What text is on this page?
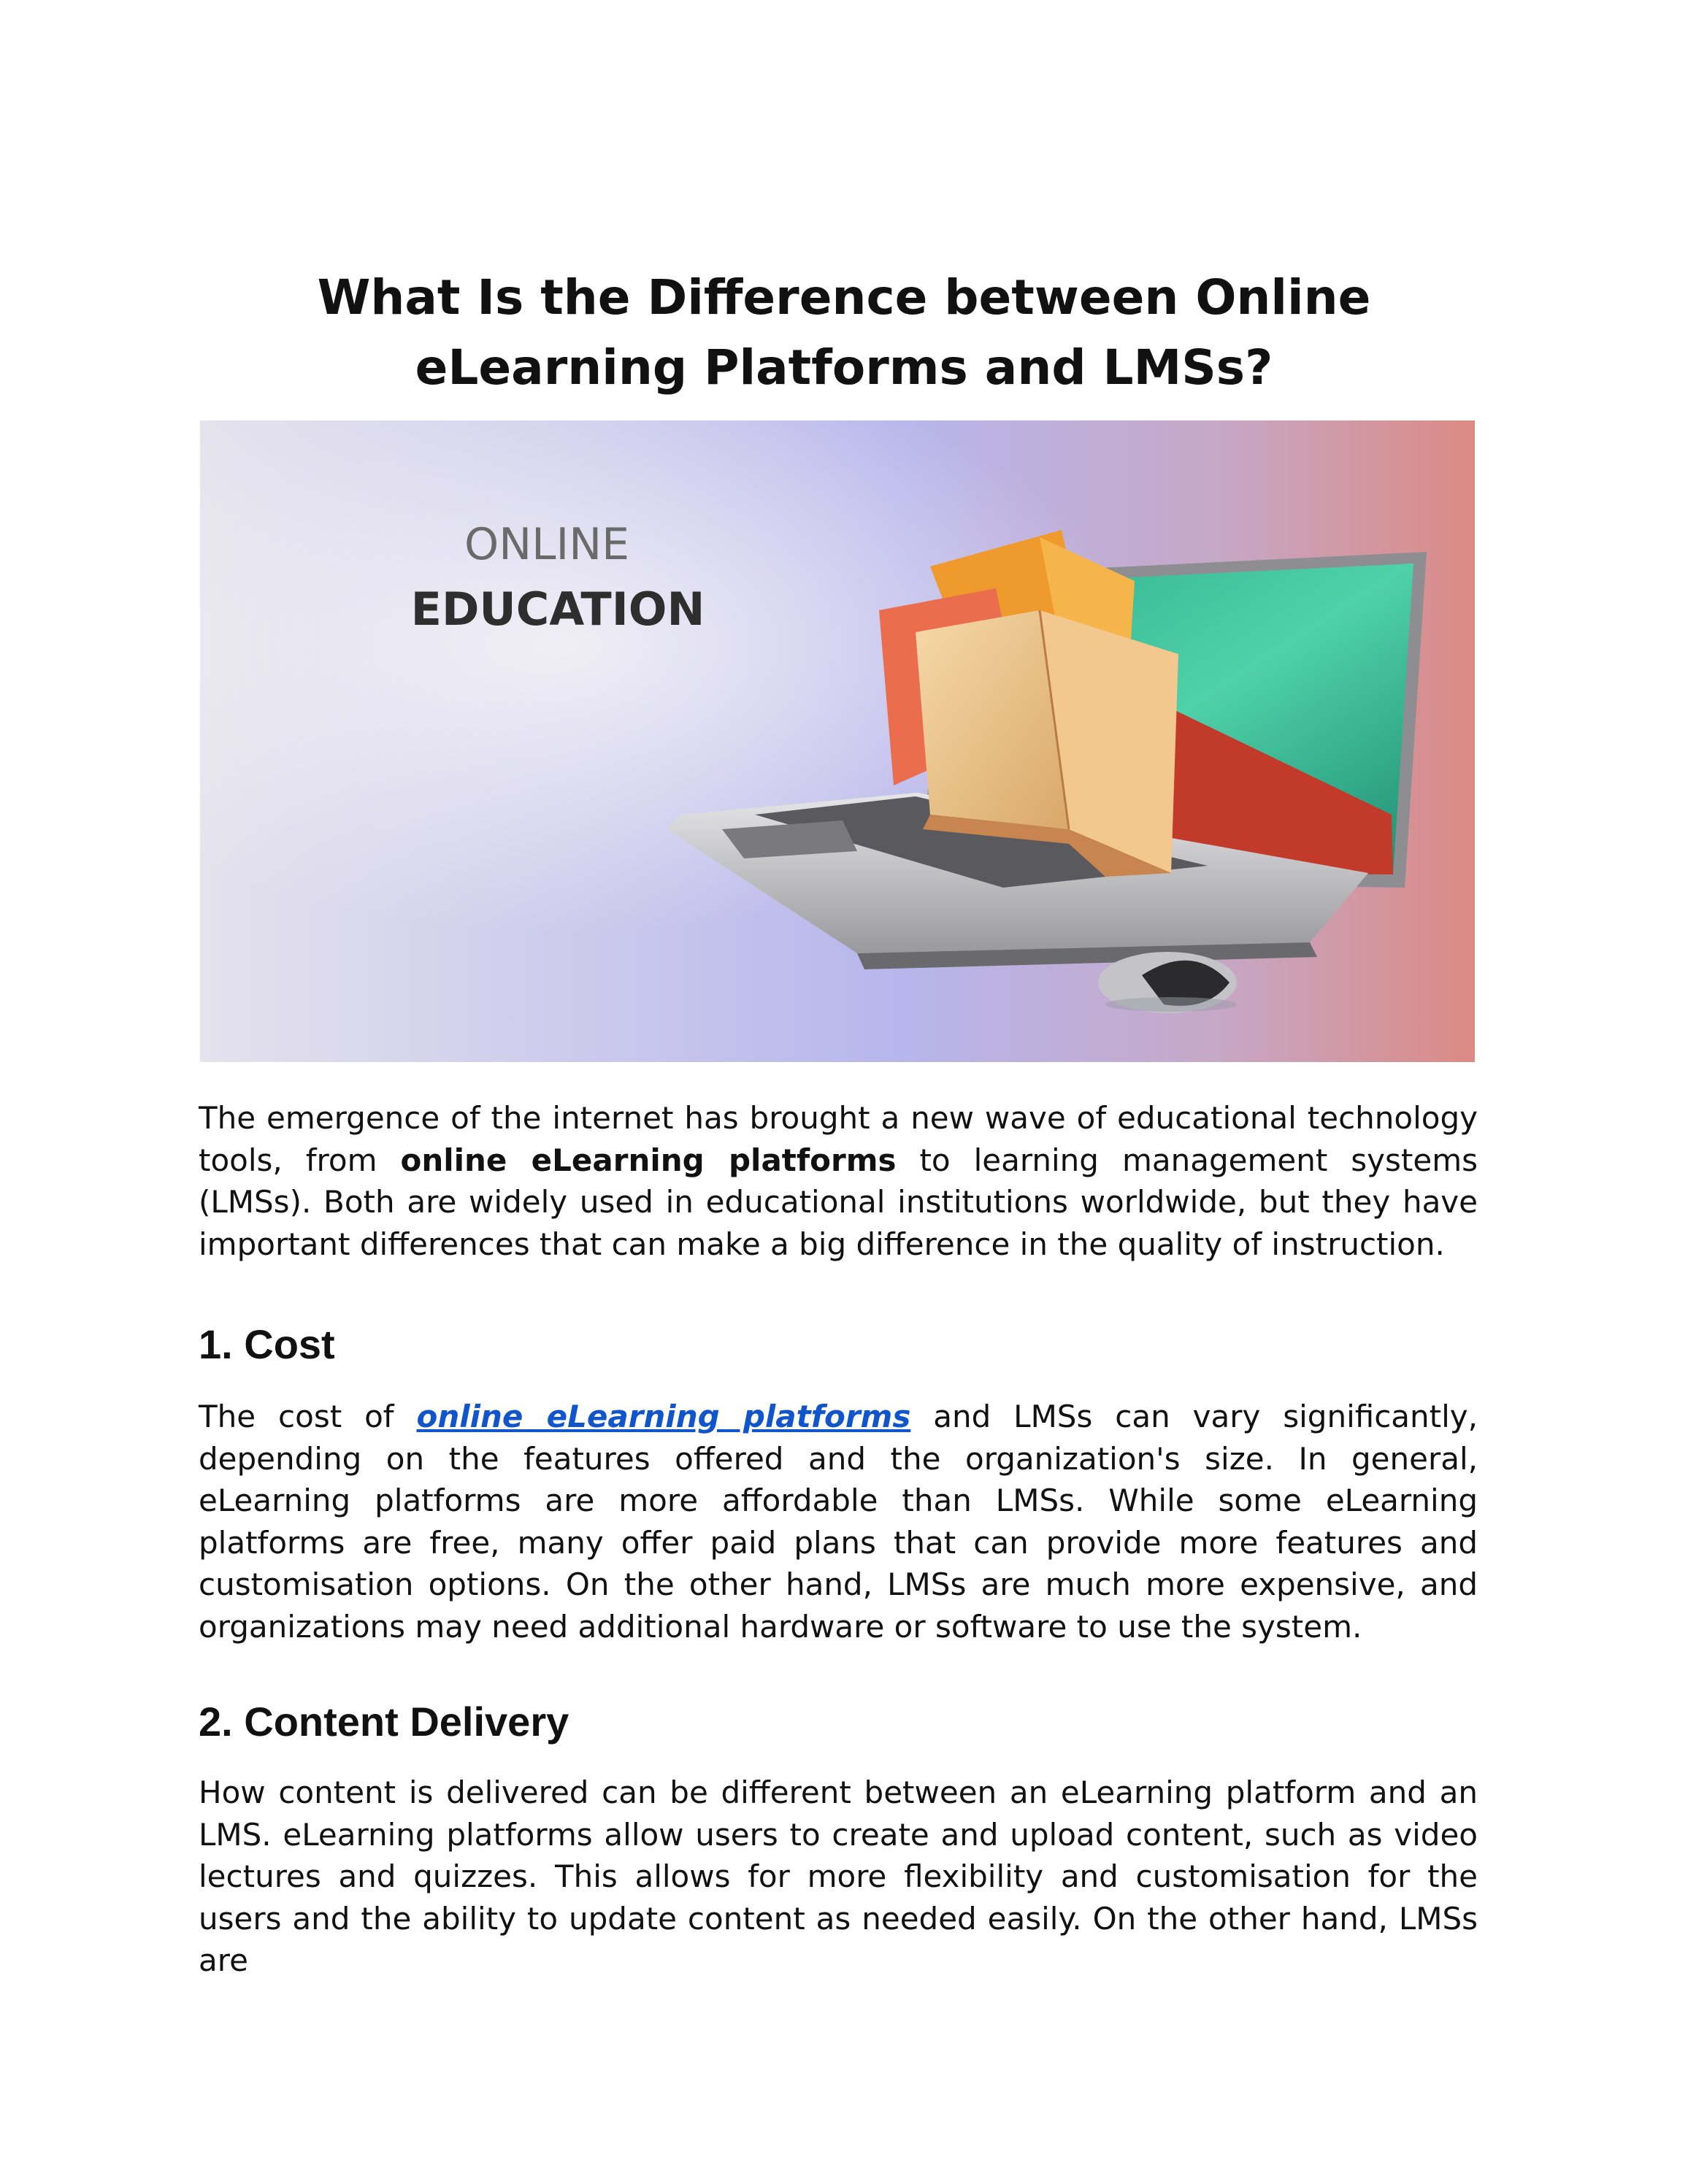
What Is the Difference between Online
eLearning Platforms and LMSs?
ONLINE
EDUCATION

The emergence of the internet has brought a new wave of educational technology tools, from online eLearning platforms to learning management systems (LMSs). Both are widely used in educational institutions worldwide, but they have important differences that can make a big difference in the quality of instruction.

1. Cost

The cost of online eLearning platforms and LMSs can vary significantly, depending on the features offered and the organization's size. In general, eLearning platforms are more affordable than LMSs. While some eLearning platforms are free, many offer paid plans that can provide more features and customisation options. On the other hand, LMSs are much more expensive, and organizations may need additional hardware or software to use the system.

2. Content Delivery

How content is delivered can be different between an eLearning platform and an LMS. eLearning platforms allow users to create and upload content, such as video lectures and quizzes. This allows for more flexibility and customisation for the users and the ability to update content as needed easily. On the other hand, LMSs are
